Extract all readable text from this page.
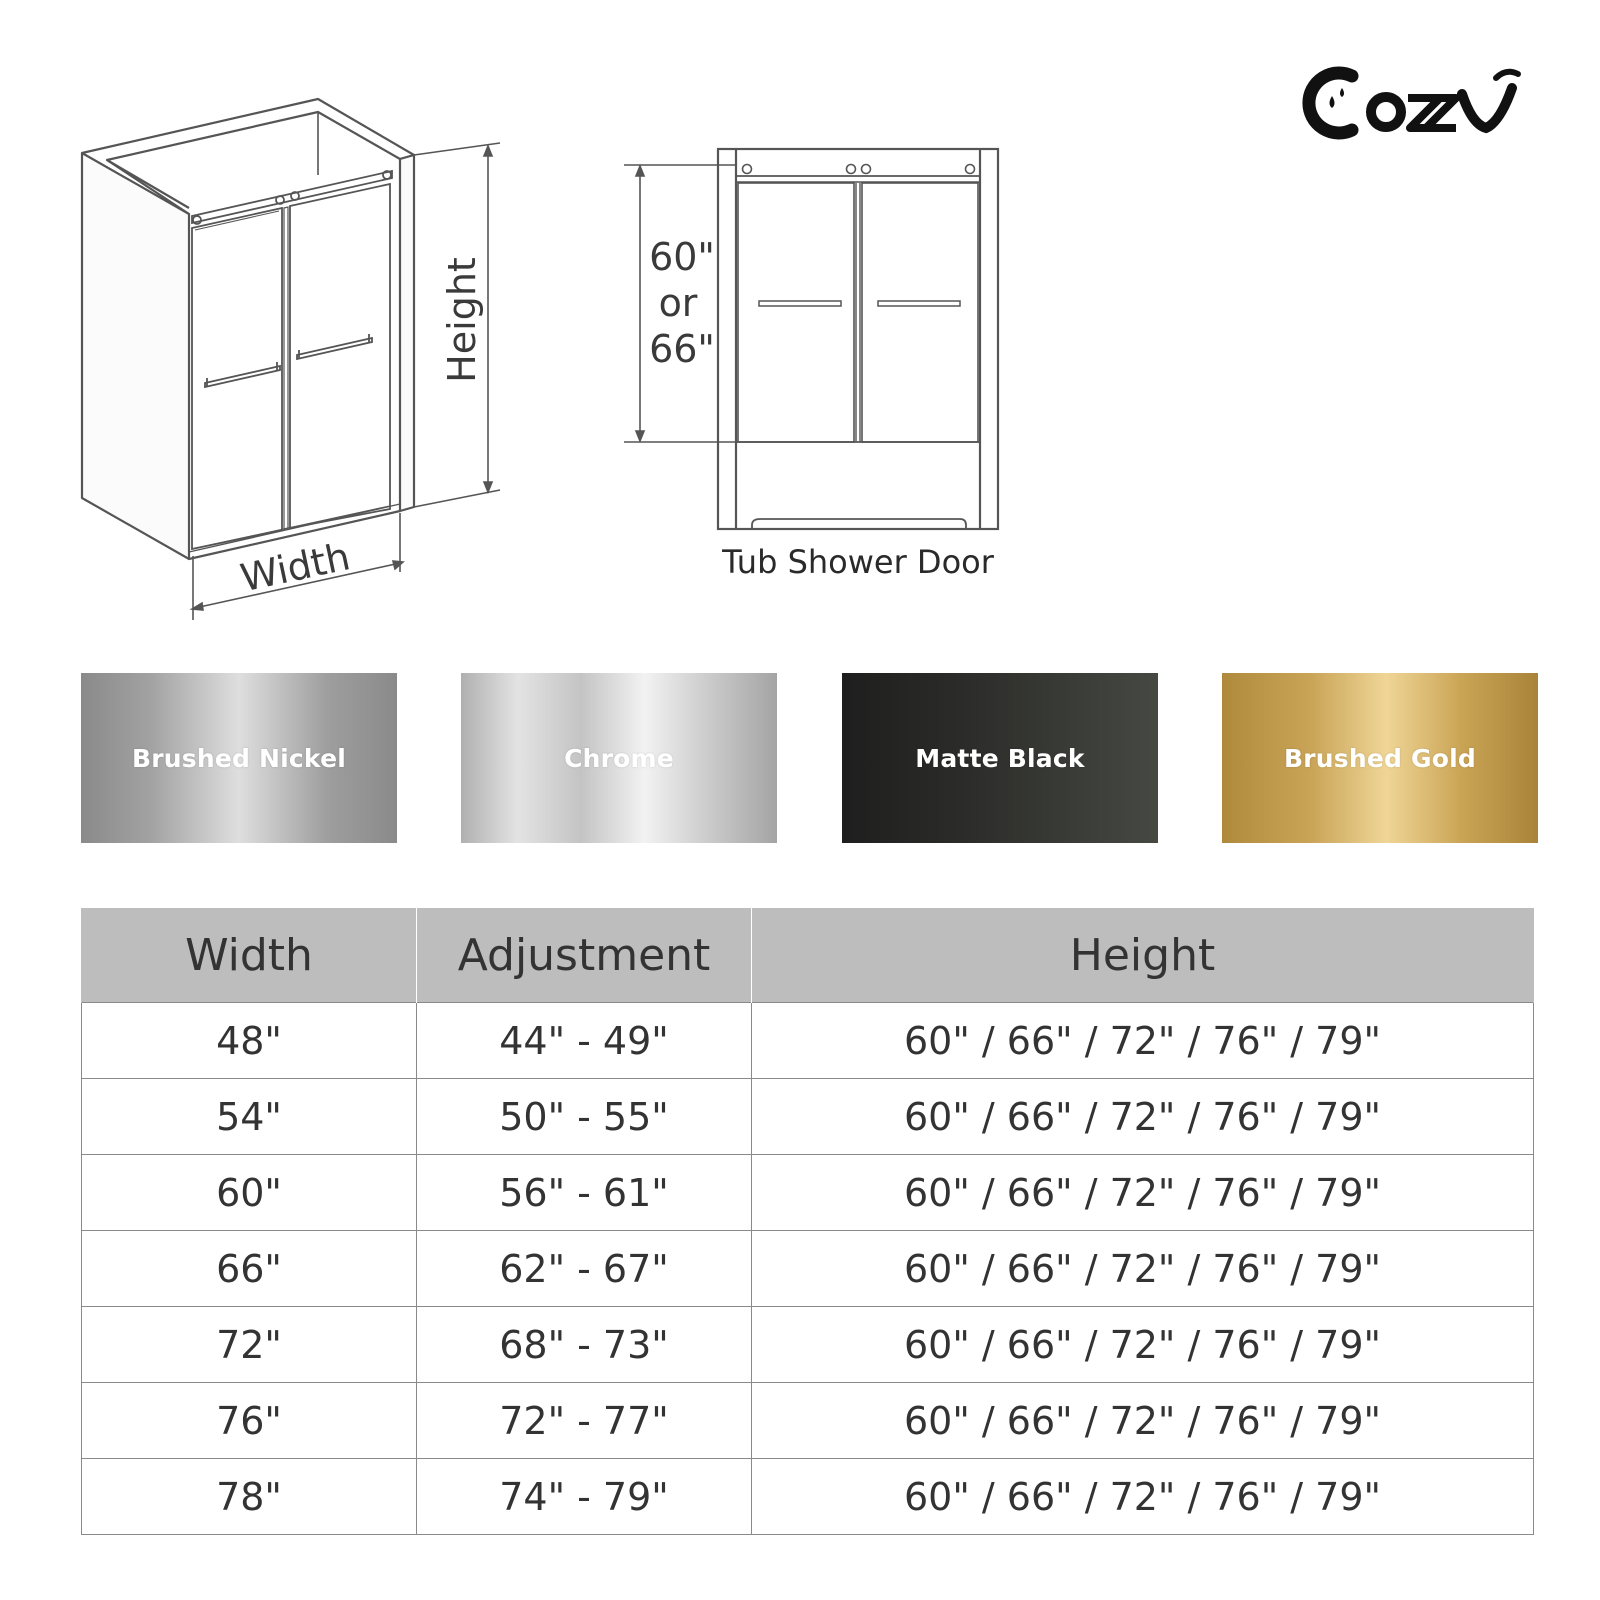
Height
Width
60"
or
66"
Tub Shower Door
Brushed Nickel	Chrome	Matte Black	Brushed Gold
Width	Adjustment	Height
48"	44" - 49"	60" / 66" / 72" / 76" / 79"
54"	50" - 55"	60" / 66" / 72" / 76" / 79"
60"	56" - 61"	60" / 66" / 72" / 76" / 79"
66"	62" - 67"	60" / 66" / 72" / 76" / 79"
72"	68" - 73"	60" / 66" / 72" / 76" / 79"
76"	72" - 77"	60" / 66" / 72" / 76" / 79"
78"	74" - 79"	60" / 66" / 72" / 76" / 79"
